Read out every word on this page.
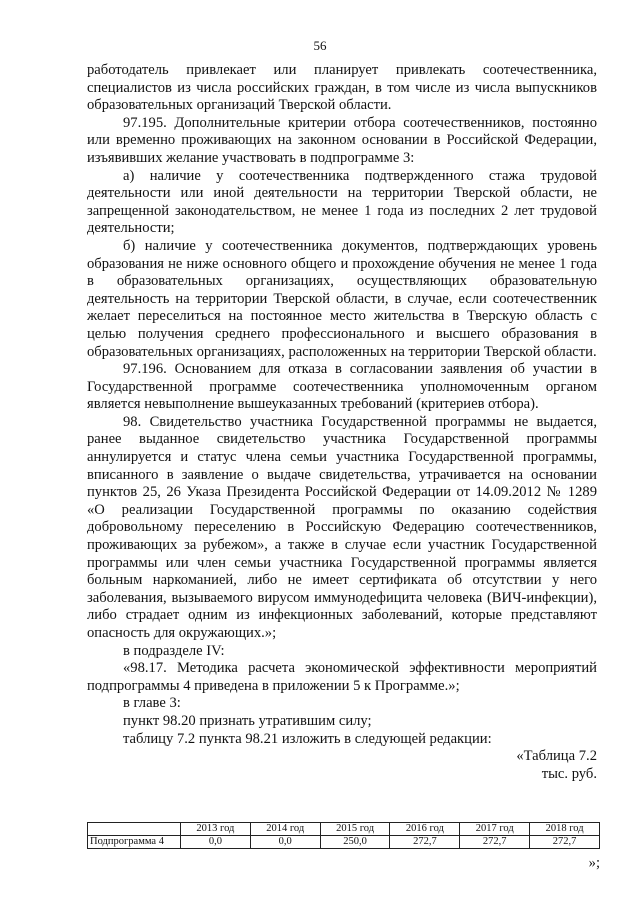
56

работодатель привлекает или планирует привлекать соотечественника, специалистов из числа российских граждан, в том числе из числа выпускников образовательных организаций Тверской области.

97.195. Дополнительные критерии отбора соотечественников, постоянно или временно проживающих на законном основании в Российской Федерации, изъявивших желание участвовать в подпрограмме 3:

а) наличие у соотечественника подтвержденного стажа трудовой деятельности или иной деятельности на территории Тверской области, не запрещенной законодательством, не менее 1 года из последних 2 лет трудовой деятельности;

б) наличие у соотечественника документов, подтверждающих уровень образования не ниже основного общего и прохождение обучения не менее 1 года в образовательных организациях, осуществляющих образовательную деятельность на территории Тверской области, в случае, если соотечественник желает переселиться на постоянное место жительства в Тверскую область с целью получения среднего профессионального и высшего образования в образовательных организациях, расположенных на территории Тверской области.

97.196. Основанием для отказа в согласовании заявления об участии в Государственной программе соотечественника уполномоченным органом является невыполнение вышеуказанных требований (критериев отбора).

98. Свидетельство участника Государственной программы не выдается, ранее выданное свидетельство участника Государственной программы аннулируется и статус члена семьи участника Государственной программы, вписанного в заявление о выдаче свидетельства, утрачивается на основании пунктов 25, 26 Указа Президента Российской Федерации от 14.09.2012 № 1289 «О реализации Государственной программы по оказанию содействия добровольному переселению в Российскую Федерацию соотечественников, проживающих за рубежом», а также в случае если участник Государственной программы или член семьи участника Государственной программы является больным наркоманией, либо не имеет сертификата об отсутствии у него заболевания, вызываемого вирусом иммунодефицита человека (ВИЧ-инфекции), либо страдает одним из инфекционных заболеваний, которые представляют опасность для окружающих.»;

в подразделе IV:

«98.17. Методика расчета экономической эффективности мероприятий подпрограммы 4 приведена в приложении 5 к Программе.»;

в главе 3:

пункт 98.20 признать утратившим силу;

таблицу 7.2 пункта 98.21 изложить в следующей редакции:

«Таблица 7.2

тыс. руб.

	2013 год	2014 год	2015 год	2016 год	2017 год	2018 год
Подпрограмма 4	0,0	0,0	250,0	272,7	272,7	272,7
»;
